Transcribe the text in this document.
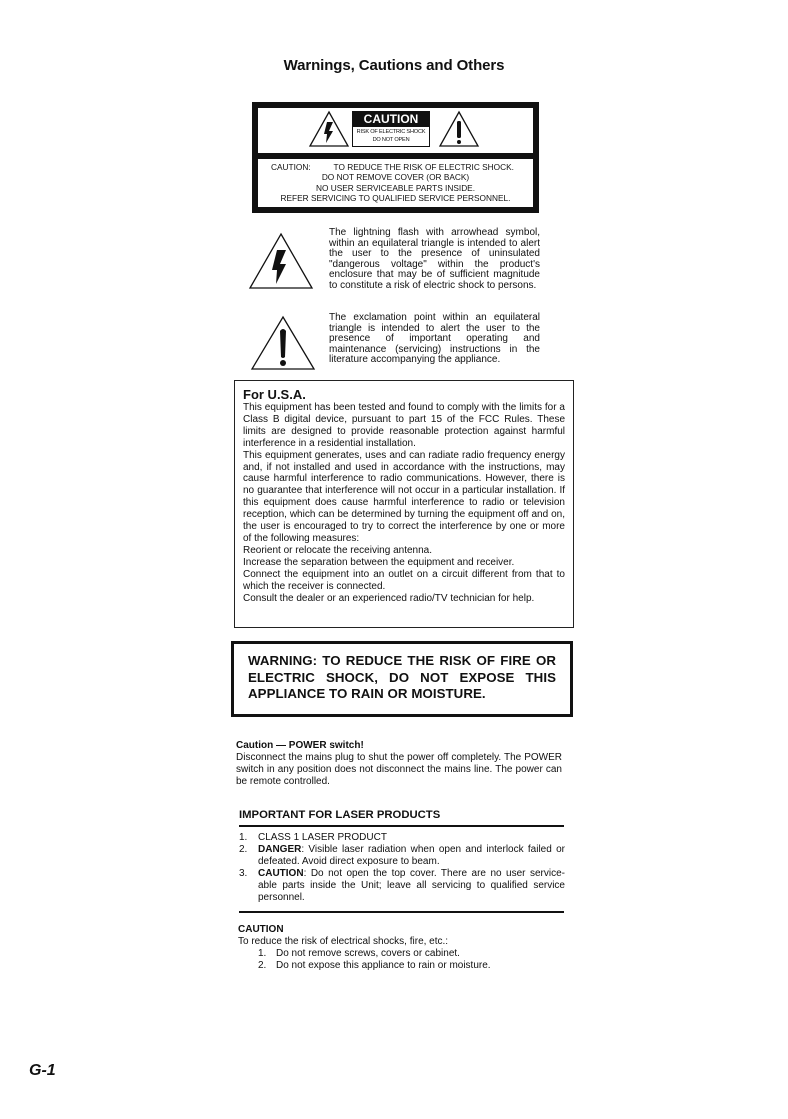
Warnings, Cautions and Others
CAUTION
RISK OF ELECTRIC SHOCK
DO NOT OPEN
CAUTION:          TO REDUCE THE RISK OF ELECTRIC SHOCK.
DO NOT REMOVE COVER (OR BACK)
NO USER SERVICEABLE PARTS INSIDE.
REFER SERVICING TO QUALIFIED SERVICE PERSONNEL.
The lightning flash with arrowhead symbol, within an equilateral triangle is intended to alert the user to the presence of uninsulated "dangerous voltage" within the product's enclosure that may be of sufficient magnitude to constitute a risk of electric shock to persons.
The exclamation point within an equilateral triangle is intended to alert the user to the presence of important operating and maintenance (servicing) instructions in the literature accompanying the appliance.
For U.S.A.

This equipment has been tested and found to comply with the limits for a Class B digital device, pursuant to part 15 of the FCC Rules. These limits are designed to provide reasonable protection against harmful interference in a residential installation.

This equipment generates, uses and can radiate radio frequency energy and, if not installed and used in accordance with the instructions, may cause harmful interference to radio communications. However, there is no guarantee that interference will not occur in a particular installation. If this equipment does cause harmful interference to radio or television reception, which can be determined by turning the equipment off and on, the user is encouraged to try to correct the interference by one or more of the following measures:

Reorient or relocate the receiving antenna.

Increase the separation between the equipment and receiver.

Connect the equipment into an outlet on a circuit different from that to which the receiver is connected.

Consult the dealer or an experienced radio/TV technician for help.

WARNING: TO REDUCE THE RISK OF FIRE OR ELECTRIC SHOCK, DO NOT EXPOSE THIS APPLIANCE TO RAIN OR MOISTURE.
Caution — POWER switch!
Disconnect the mains plug to shut the power off completely. The POWER switch in any position does not disconnect the mains line. The power can be remote controlled.
IMPORTANT FOR LASER PRODUCTS
1. CLASS 1 LASER PRODUCT
2. DANGER: Visible laser radiation when open and interlock failed or defeated. Avoid direct exposure to beam.
3. CAUTION: Do not open the top cover. There are no user service-able parts inside the Unit; leave all servicing to qualified service personnel.
CAUTION
To reduce the risk of electrical shocks, fire, etc.:
1. Do not remove screws, covers or cabinet.
2. Do not expose this appliance to rain or moisture.
G-1
